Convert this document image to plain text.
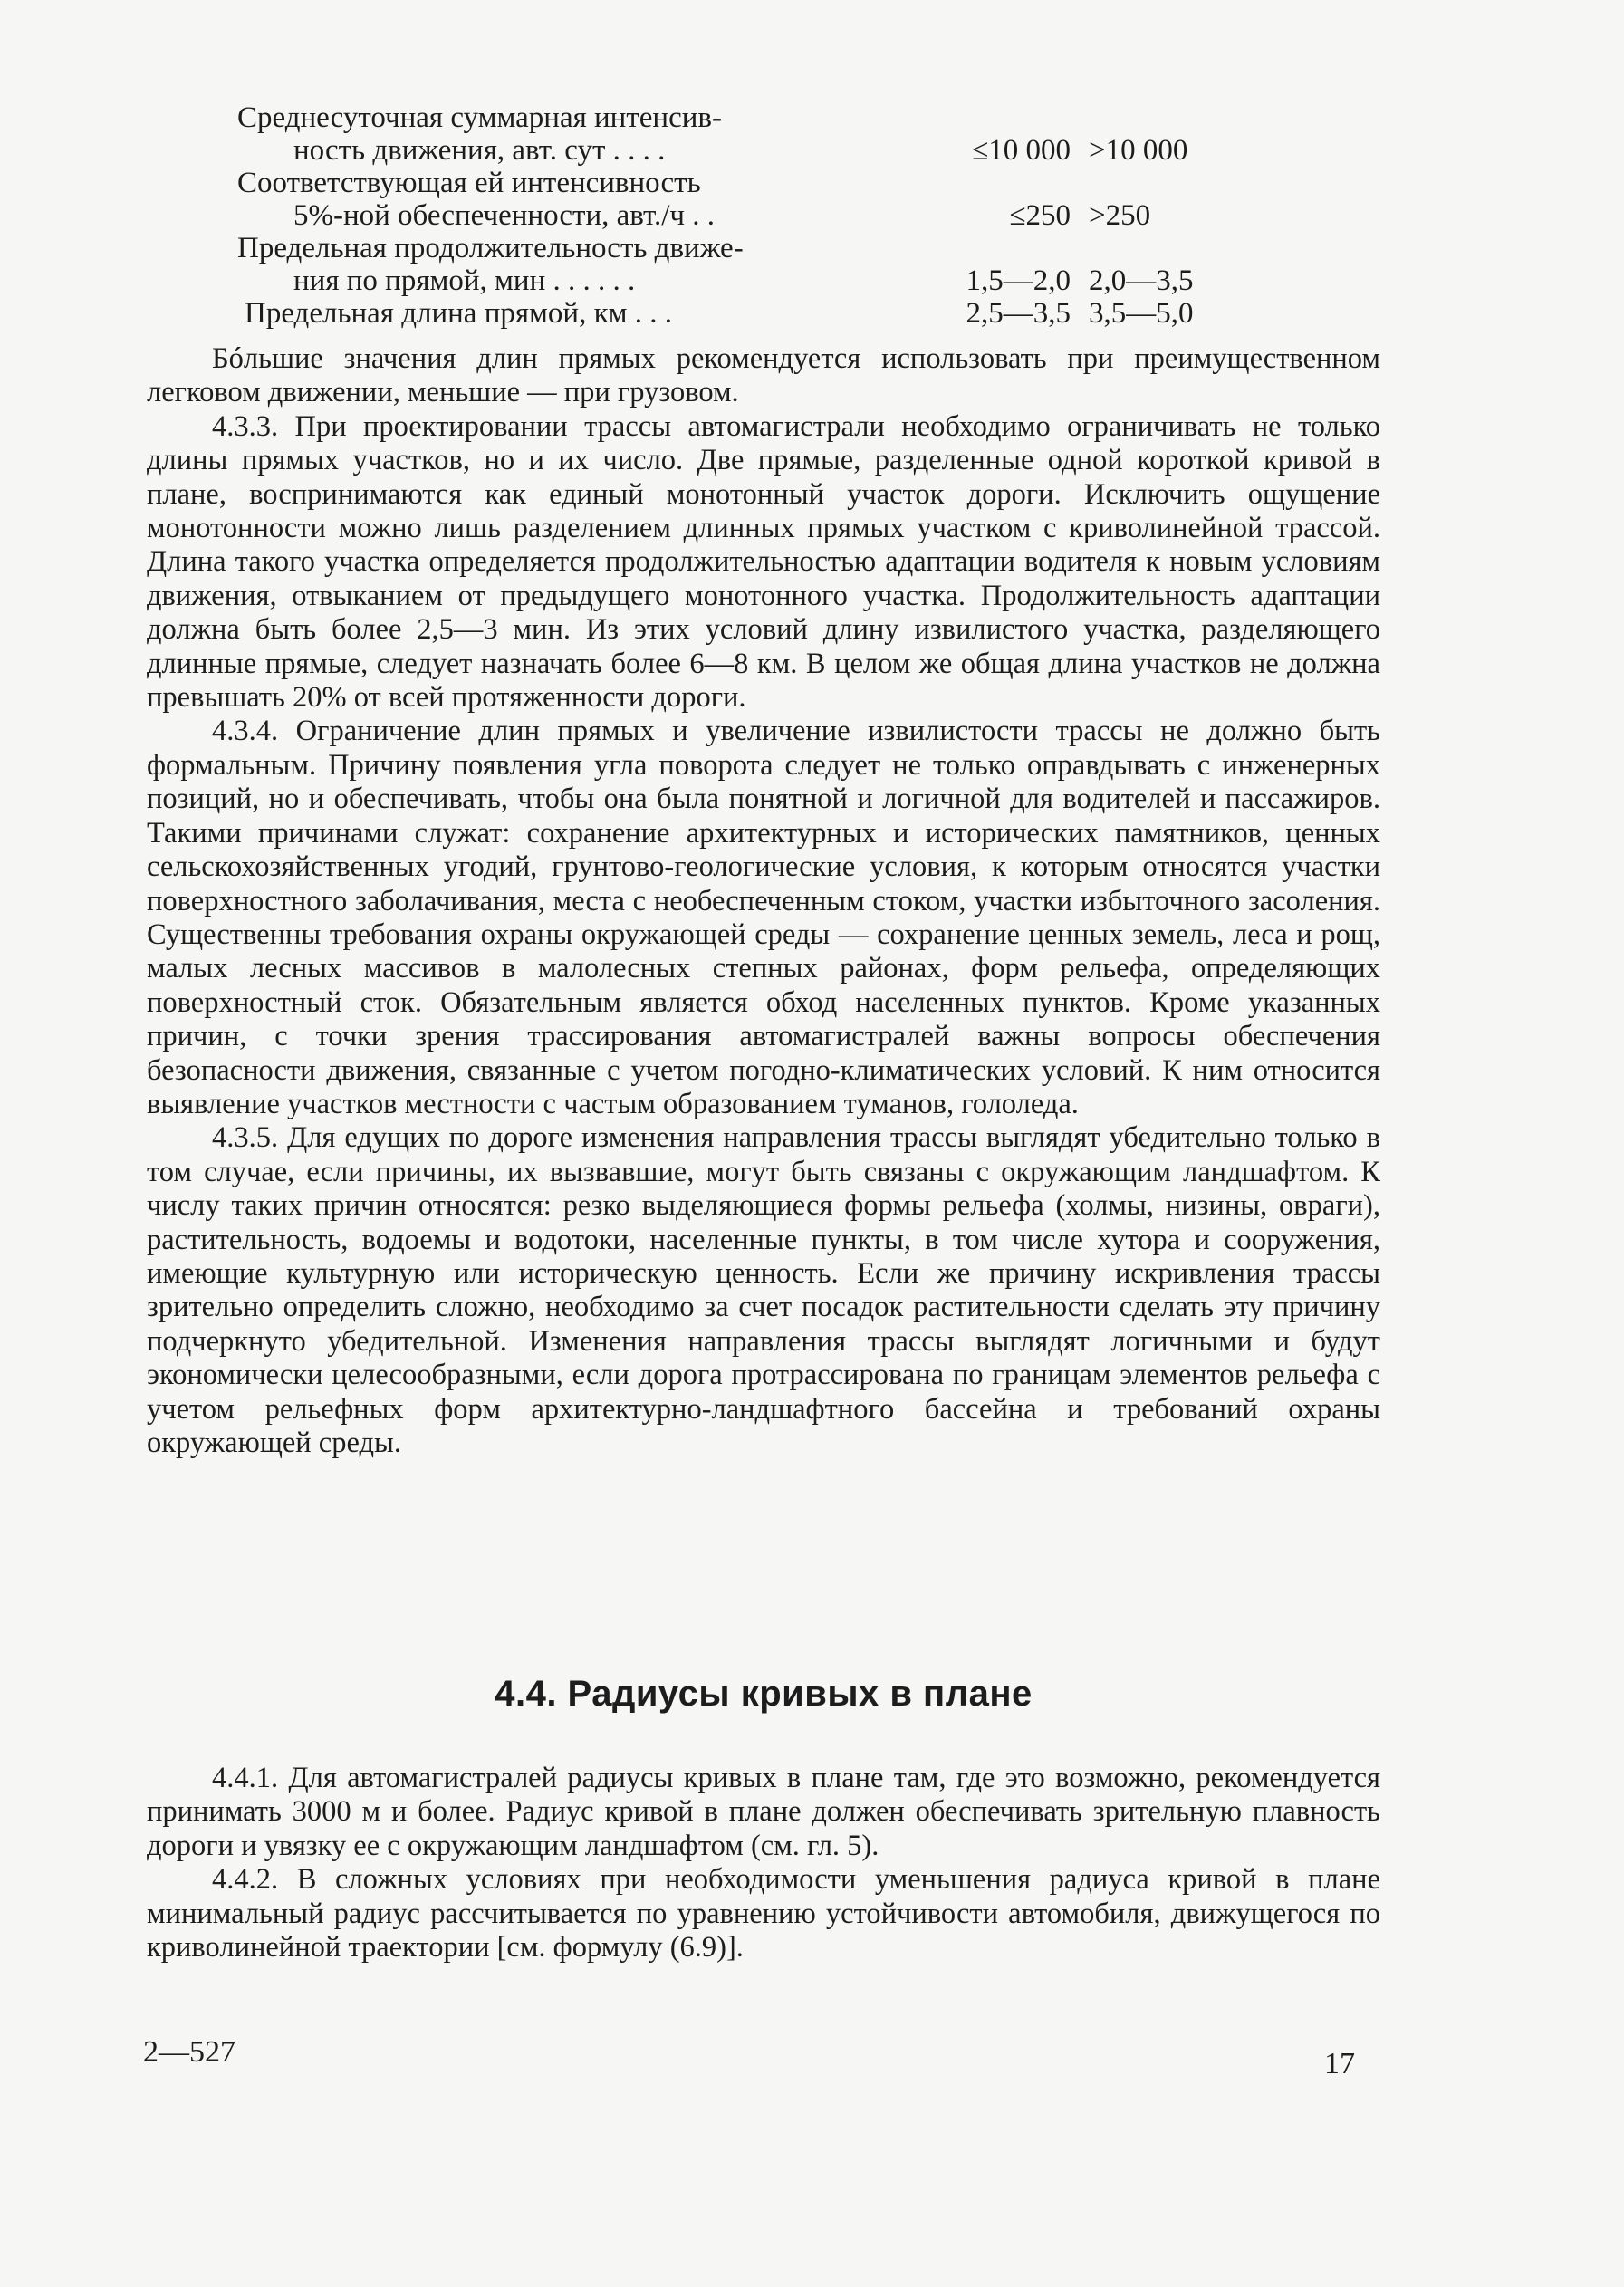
Среднесуточная суммарная интенсив-
ность движения, авт. сут . . . .	≤10 000 >10 000
Соответствующая ей интенсивность
5%-ной обеспеченности, авт./ч . .	≤250 >250
Предельная продолжительность движе-
ния по прямой, мин . . . . . .	1,5—2,0 2,0—3,5
Предельная длина прямой, км . . .	2,5—3,5 3,5—5,0

Бóльшие значения длин прямых рекомендуется использовать при преимущественном легковом движении, меньшие — при грузовом.

4.3.3. При проектировании трассы автомагистрали необходимо ограничивать не только длины прямых участков, но и их число. Две прямые, разделенные одной короткой кривой в плане, воспринимаются как единый монотонный участок дороги. Исключить ощущение монотонности можно лишь разделением длинных прямых участком с криволинейной трассой. Длина такого участка определяется продолжительностью адаптации водителя к новым условиям движения, отвыканием от предыдущего монотонного участка. Продолжительность адаптации должна быть более 2,5—3 мин. Из этих условий длину извилистого участка, разделяющего длинные прямые, следует назначать более 6—8 км. В целом же общая длина участков не должна превышать 20% от всей протяженности дороги.

4.3.4. Ограничение длин прямых и увеличение извилистости трассы не должно быть формальным. Причину появления угла поворота следует не только оправдывать с инженерных позиций, но и обеспечивать, чтобы она была понятной и логичной для водителей и пассажиров. Такими причинами служат: сохранение архитектурных и исторических памятников, ценных сельскохозяйственных угодий, грунтово-геологические условия, к которым относятся участки поверхностного заболачивания, места с необеспеченным стоком, участки избыточного засоления. Существенны требования охраны окружающей среды — сохранение ценных земель, леса и рощ, малых лесных массивов в малолесных степных районах, форм рельефа, определяющих поверхностный сток. Обязательным является обход населенных пунктов. Кроме указанных причин, с точки зрения трассирования автомагистралей важны вопросы обеспечения безопасности движения, связанные с учетом погодно-климатических условий. К ним относится выявление участков местности с частым образованием туманов, гололеда.

4.3.5. Для едущих по дороге изменения направления трассы выглядят убедительно только в том случае, если причины, их вызвавшие, могут быть связаны с окружающим ландшафтом. К числу таких причин относятся: резко выделяющиеся формы рельефа (холмы, низины, овраги), растительность, водоемы и водотоки, населенные пункты, в том числе хутора и сооружения, имеющие культурную или историческую ценность. Если же причину искривления трассы зрительно определить сложно, необходимо за счет посадок растительности сделать эту причину подчеркнуто убедительной. Изменения направления трассы выглядят логичными и будут экономически целесообразными, если дорога протрассирована по границам элементов рельефа с учетом рельефных форм архитектурно-ландшафтного бассейна и требований охраны окружающей среды.

4.4. Радиусы кривых в плане

4.4.1. Для автомагистралей радиусы кривых в плане там, где это возможно, рекомендуется принимать 3000 м и более. Радиус кривой в плане должен обеспечивать зрительную плавность дороги и увязку ее с окружающим ландшафтом (см. гл. 5).

4.4.2. В сложных условиях при необходимости уменьшения радиуса кривой в плане минимальный радиус рассчитывается по уравнению устойчивости автомобиля, движущегося по криволинейной траектории [см. формулу (6.9)].

2—527	17
